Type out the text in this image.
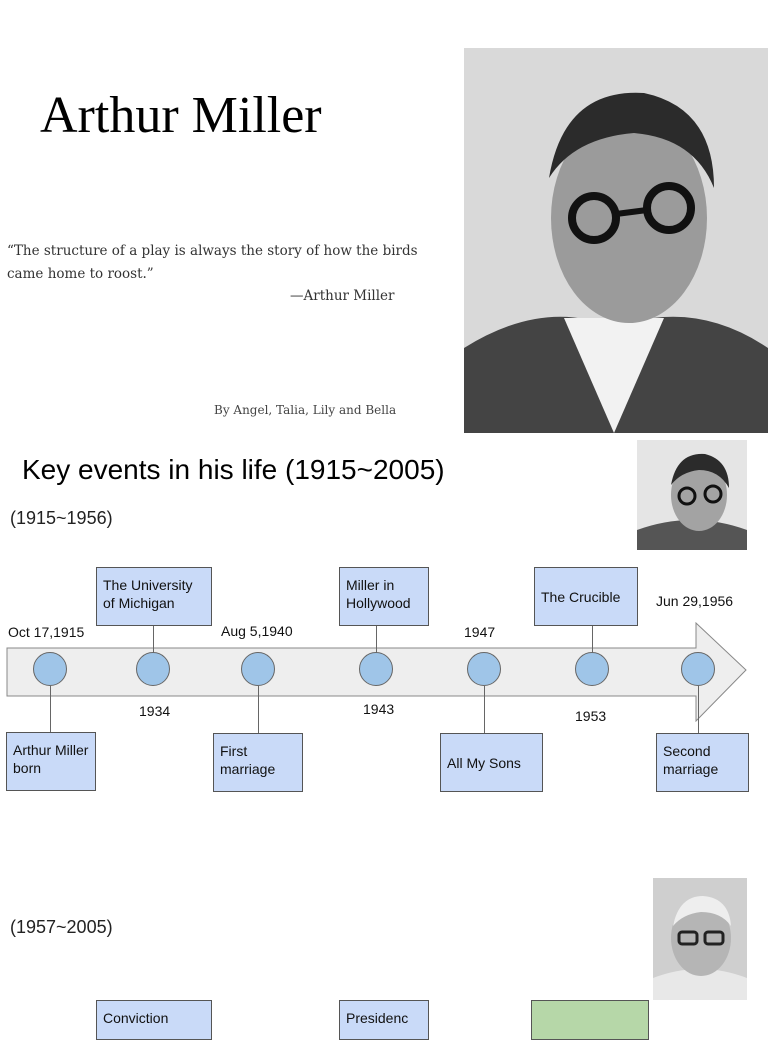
Arthur Miller
“The structure of a play is always the story of how the birds came home to roost.”
—Arthur Miller
By Angel, Talia, Lily and Bella
Key events in his life (1915~2005)
(1915~1956)
The University of Michigan
Miller in Hollywood	The Crucible
Oct 17,1915	Aug 5,1940	1947
Jun 29,1956
1934	1943	1953
Arthur Miller born
First marriage	All My Sons
Second marriage
(1957~2005)
Conviction	Presidenc
